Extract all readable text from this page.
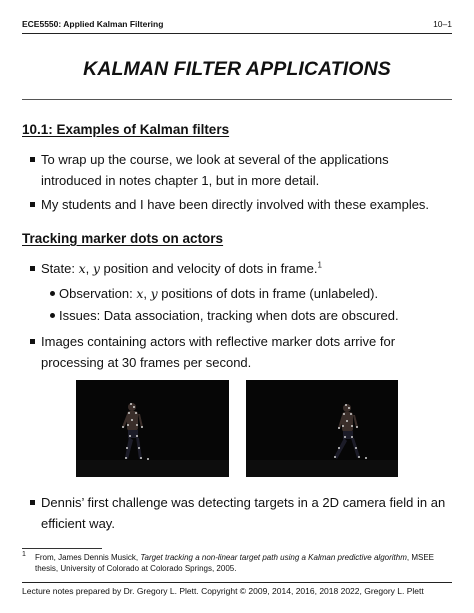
ECE5550: Applied Kalman Filtering	10–1
KALMAN FILTER APPLICATIONS
10.1: Examples of Kalman filters
To wrap up the course, we look at several of the applications introduced in notes chapter 1, but in more detail.
My students and I have been directly involved with these examples.
Tracking marker dots on actors
State: x, y position and velocity of dots in frame.$^1$
Observation: x, y positions of dots in frame (unlabeled).
Issues: Data association, tracking when dots are obscured.
Images containing actors with reflective marker dots arrive for processing at 30 frames per second.
Dennis’ first challenge was detecting targets in a 2D camera field in an efficient way.
1 From, James Dennis Musick, Target tracking a non-linear target path using a Kalman predictive algorithm, MSEE thesis, University of Colorado at Colorado Springs, 2005.
Lecture notes prepared by Dr. Gregory L. Plett. Copyright © 2009, 2014, 2016, 2018 2022, Gregory L. Plett
